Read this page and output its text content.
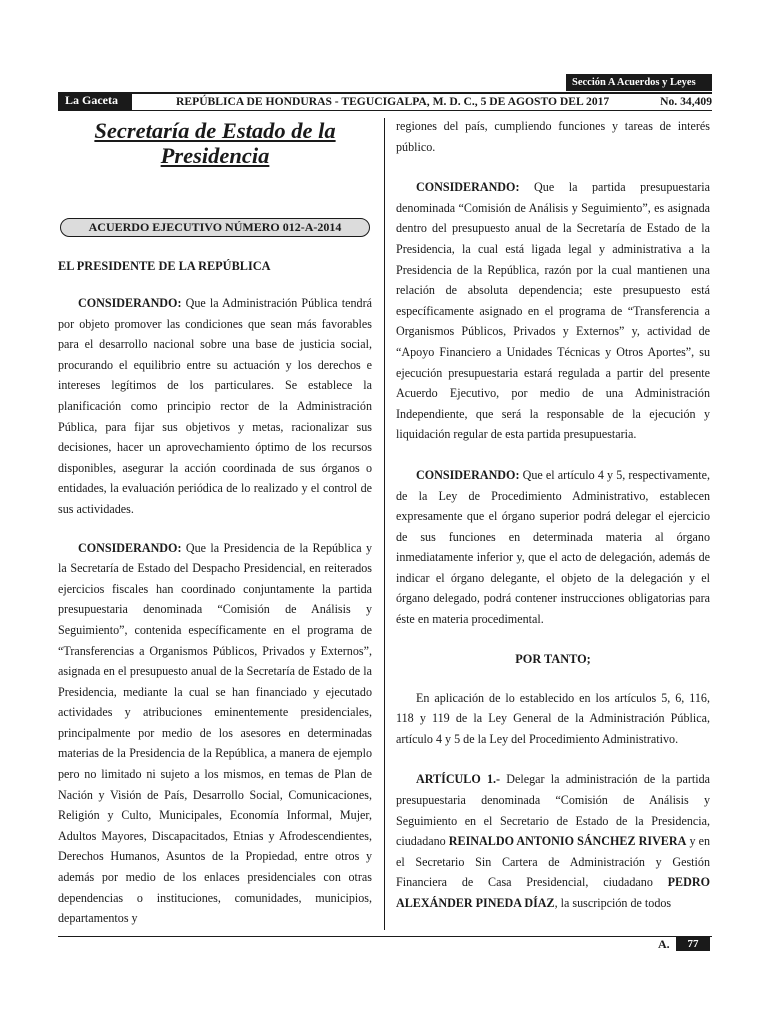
Sección A Acuerdos y Leyes
La Gaceta	REPÚBLICA DE HONDURAS - TEGUCIGALPA, M. D. C., 5 DE AGOSTO DEL 2017	No. 34,409
Secretaría de Estado de la
Presidencia
ACUERDO EJECUTIVO NÚMERO 012-A-2014
EL PRESIDENTE DE LA REPÚBLICA

CONSIDERANDO: Que la Administración Pública tendrá por objeto promover las condiciones que sean más favorables para el desarrollo nacional sobre una base de justicia social, procurando el equilibrio entre su actuación y los derechos e intereses legítimos de los particulares. Se establece la planificación como principio rector de la Administración Pública, para fijar sus objetivos y metas, racionalizar sus decisiones, hacer un aprovechamiento óptimo de los recursos disponibles, asegurar la acción coordinada de sus órganos o entidades, la evaluación periódica de lo realizado y el control de sus actividades.

CONSIDERANDO: Que la Presidencia de la República y la Secretaría de Estado del Despacho Presidencial, en reiterados ejercicios fiscales han coordinado conjuntamente la partida presupuestaria denominada “Comisión de Análisis y Seguimiento”, contenida específicamente en el programa de “Transferencias a Organismos Públicos, Privados y Externos”, asignada en el presupuesto anual de la Secretaría de Estado de la Presidencia, mediante la cual se han financiado y ejecutado actividades y atribuciones eminentemente presidenciales, principalmente por medio de los asesores en determinadas materias de la Presidencia de la República, a manera de ejemplo pero no limitado ni sujeto a los mismos, en temas de Plan de Nación y Visión de País, Desarrollo Social, Comunicaciones, Religión y Culto, Municipales, Economía Informal, Mujer, Adultos Mayores, Discapacitados, Etnias y Afrodescendientes, Derechos Humanos, Asuntos de la Propiedad, entre otros y además por medio de los enlaces presidenciales con otras dependencias o instituciones, comunidades, municipios, departamentos y

regiones del país, cumpliendo funciones y tareas de interés público.

CONSIDERANDO: Que la partida presupuestaria denominada “Comisión de Análisis y Seguimiento”, es asignada dentro del presupuesto anual de la Secretaría de Estado de la Presidencia, la cual está ligada legal y administrativa a la Presidencia de la República, razón por la cual mantienen una relación de absoluta dependencia; este presupuesto está específicamente asignado en el programa de “Transferencia a Organismos Públicos, Privados y Externos” y, actividad de “Apoyo Financiero a Unidades Técnicas y Otros Aportes”, su ejecución presupuestaria estará regulada a partir del presente Acuerdo Ejecutivo, por medio de una Administración Independiente, que será la responsable de la ejecución y liquidación regular de esta partida presupuestaria.

CONSIDERANDO: Que el artículo 4 y 5, respectivamente, de la Ley de Procedimiento Administrativo, establecen expresamente que el órgano superior podrá delegar el ejercicio de sus funciones en determinada materia al órgano inmediatamente inferior y, que el acto de delegación, además de indicar el órgano delegante, el objeto de la delegación y el órgano delegado, podrá contener instrucciones obligatorias para éste en materia procedimental.

POR TANTO;

En aplicación de lo establecido en los artículos 5, 6, 116, 118 y 119 de la Ley General de la Administración Pública, artículo 4 y 5 de la Ley del Procedimiento Administrativo.

ARTÍCULO 1.- Delegar la administración de la partida presupuestaria denominada “Comisión de Análisis y Seguimiento en el Secretario de Estado de la Presidencia, ciudadano REINALDO ANTONIO SÁNCHEZ RIVERA y en el Secretario Sin Cartera de Administración y Gestión Financiera de Casa Presidencial, ciudadano PEDRO ALEXÁNDER PINEDA DÍAZ, la suscripción de todos

A.	77
